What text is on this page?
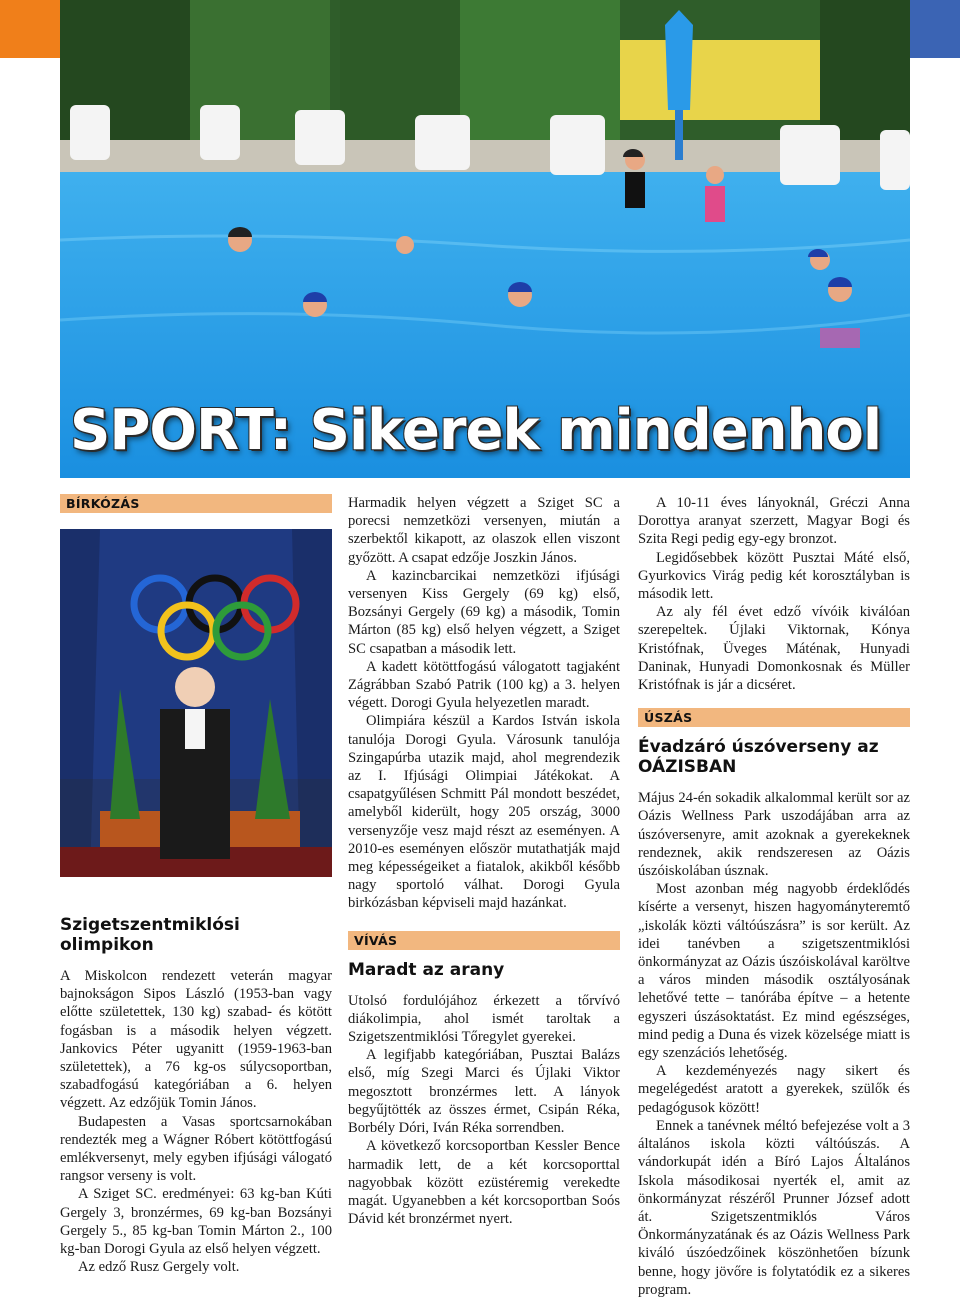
SPORT: Sikerek mindenhol
BÍRKÓZÁS
Szigetszentmiklósi olimpikon

A Miskolcon rendezett veterán magyar bajnokságon Sipos László (1953-ban vagy előtte születettek, 130 kg) szabad- és kötött fogásban is a második helyen végzett. Jankovics Péter ugyanitt (1959-1963-ban születettek), a 76 kg-os súlycsoportban, szabadfogású kategóriában a 6. helyen végzett. Az edzőjük Tomin János.

Budapesten a Vasas sportcsarnokában rendezték meg a Wágner Róbert kötöttfogású emlékversenyt, mely egyben ifjúsági válogató rangsor verseny is volt.

A Sziget SC. eredményei: 63 kg-ban Kúti Gergely 3, bronzérmes, 69 kg-ban Bozsányi Gergely 5., 85 kg-ban Tomin Márton 2., 100 kg-ban Dorogi Gyula az első helyen végzett.

Az edző Rusz Gergely volt.

Harmadik helyen végzett a Sziget SC a porecsi nemzetközi versenyen, miután a szerbektől kikapott, az olaszok ellen viszont győzött. A csapat edzője Joszkin János.

A kazincbarcikai nemzetközi ifjúsági versenyen Kiss Gergely (69 kg) első, Bozsányi Gergely (69 kg) a második, Tomin Márton (85 kg) első helyen végzett, a Sziget SC csapatban a második lett.

A kadett kötöttfogású válogatott tagjaként Zágrábban Szabó Patrik (100 kg) a 3. helyen végett. Dorogi Gyula helyezetlen maradt.

Olimpiára készül a Kardos István iskola tanulója Dorogi Gyula. Városunk tanulója Szingapúrba utazik majd, ahol megrendezik az I. Ifjúsági Olimpiai Játékokat. A csapatgyűlésen Schmitt Pál mondott beszédet, amelyből kiderült, hogy 205 ország, 3000 versenyzője vesz majd részt az eseményen. A 2010-es eseményen először mutathatják majd meg képességeiket a fiatalok, akikből később nagy sportoló válhat. Dorogi Gyula birkózásban képviseli majd hazánkat.

VÍVÁS
Maradt az arany

Utolsó fordulójához érkezett a tőrvívó diákolimpia, ahol ismét taroltak a Szigetszentmiklósi Tőregylet gyerekei.

A legifjabb kategóriában, Pusztai Balázs első, míg Szegi Marci és Újlaki Viktor megosztott bronzérmes lett. A lányok begyűjtötték az összes érmet, Csipán Réka, Borbély Dóri, Iván Réka sorrendben.

A következő korcsoportban Kessler Bence harmadik lett, de a két korcsoporttal nagyobbak között ezüstéremig verekedte magát. Ugyanebben a két korcsoportban Soós Dávid két bronzérmet nyert.

A 10-11 éves lányoknál, Gréczi Anna Dorottya aranyat szerzett, Magyar Bogi és Szita Regi pedig egy-egy bronzot.

Legidősebbek között Pusztai Máté első, Gyurkovics Virág pedig két korosztályban is második lett.

Az aly fél évet edző vívóik kiválóan szerepeltek. Újlaki Viktornak, Kónya Kristófnak, Üveges Máténak, Hunyadi Daninak, Hunyadi Domonkosnak és Müller Kristófnak is jár a dicséret.

ÚSZÁS
Évadzáró úszóverseny az OÁZISBAN

Május 24-én sokadik alkalommal került sor az Oázis Wellness Park uszodájában arra az úszóversenyre, amit azoknak a gyerekeknek rendeznek, akik rendszeresen az Oázis úszóiskolában úsznak.

Most azonban még nagyobb érdeklődés kísérte a versenyt, hiszen hagyományteremtő „iskolák közti váltóúszásra” is sor került. Az idei tanévben a szigetszentmiklósi önkormányzat az Oázis úszóiskolával karöltve a város minden második osztályosának lehetővé tette – tanórába építve – a hetente egyszeri úszásoktatást. Ez mind egészséges, mind pedig a Duna és vizek közelsége miatt is egy szenzációs lehetőség.

A kezdeményezés nagy sikert és megelégedést aratott a gyerekek, szülők és pedagógusok között!

Ennek a tanévnek méltó befejezése volt a 3 általános iskola közti váltóúszás. A vándorkupát idén a Bíró Lajos Általános Iskola másodikosai nyerték el, amit az önkormányzat részéről Prunner József adott át. Szigetszentmiklós Város Önkormányzatának és az Oázis Wellness Park kiváló úszóedzőinek köszönhetően bízunk benne, hogy jövőre is folytatódik ez a sikeres program.
